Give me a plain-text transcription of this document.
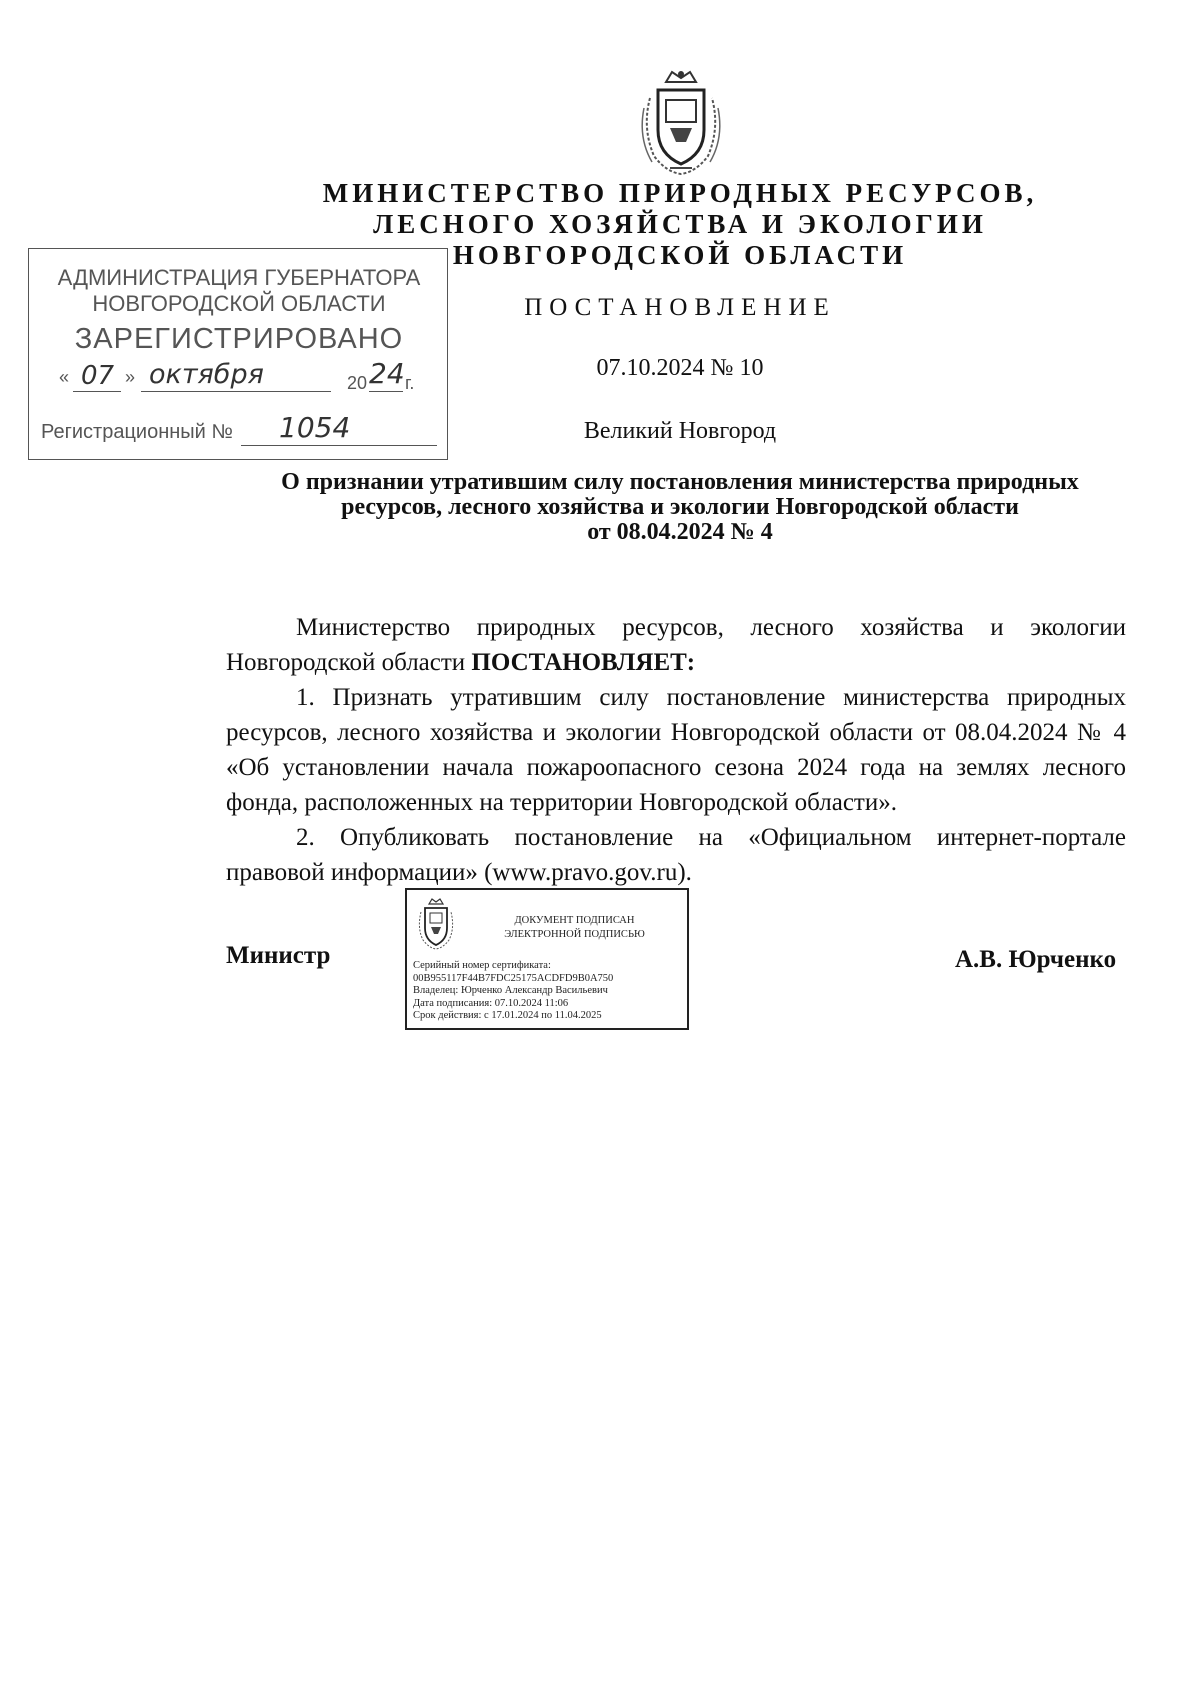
МИНИСТЕРСТВО ПРИРОДНЫХ РЕСУРСОВ,
ЛЕСНОГО ХОЗЯЙСТВА И ЭКОЛОГИИ
НОВГОРОДСКОЙ ОБЛАСТИ
ПОСТАНОВЛЕНИЕ
07.10.2024 № 10
Великий Новгород
АДМИНИСТРАЦИЯ ГУБЕРНАТОРА
НОВГОРОДСКОЙ ОБЛАСТИ
ЗАРЕГИСТРИРОВАНО
« 07 » октября	20 24 г.
Регистрационный № 1054
О признании утратившим силу постановления министерства природных
ресурсов, лесного хозяйства и экологии Новгородской области
от 08.04.2024 № 4

Министерство природных ресурсов, лесного хозяйства и экологии Новгородской области ПОСТАНОВЛЯЕТ:

1. Признать утратившим силу постановление министерства природных ресурсов, лесного хозяйства и экологии Новгородской области от 08.04.2024 № 4 «Об установлении начала пожароопасного сезона 2024 года на землях лесного фонда, расположенных на территории Новгородской области».

2. Опубликовать постановление на «Официальном интернет-портале правовой информации» (www.pravo.gov.ru).

Министр	А.В. Юрченко
ДОКУМЕНТ ПОДПИСАН
ЭЛЕКТРОННОЙ ПОДПИСЬЮ
Серийный номер сертификата:
00B955117F44B7FDC25175ACDFD9B0A750
Владелец: Юрченко Александр Васильевич
Дата подписания: 07.10.2024 11:06
Срок действия: с 17.01.2024 по 11.04.2025
